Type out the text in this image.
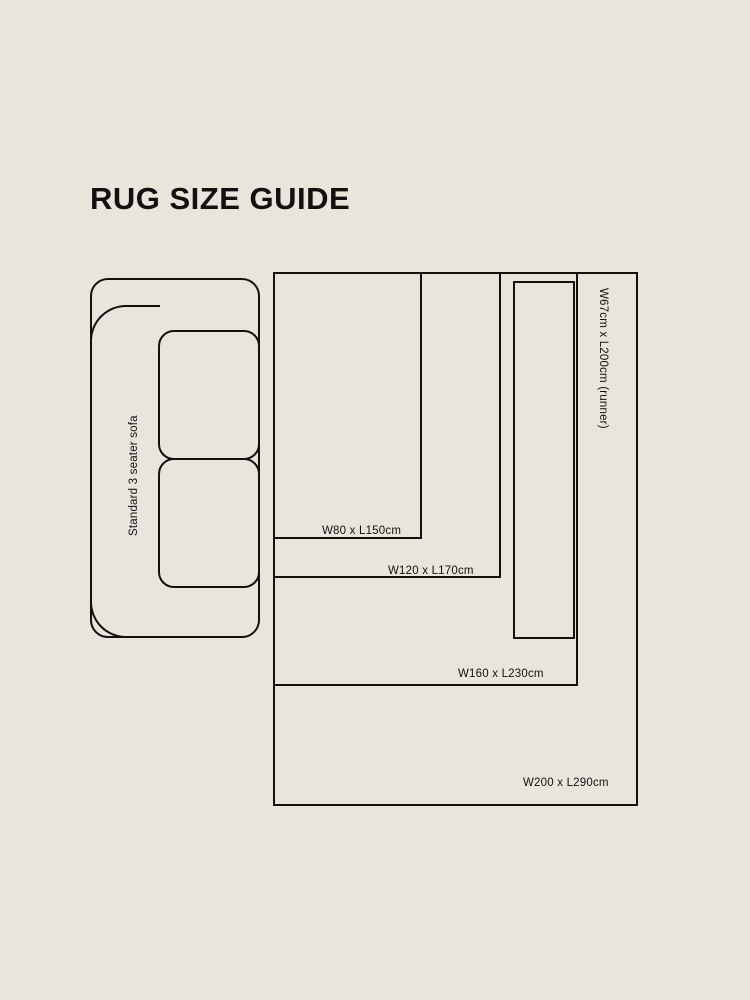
RUG SIZE GUIDE
Standard 3 seater sofa	W80 x L150cm
W120 x L170cm
W160 x L230cm
W200 x L290cm
W67cm x L200cm (runner)
